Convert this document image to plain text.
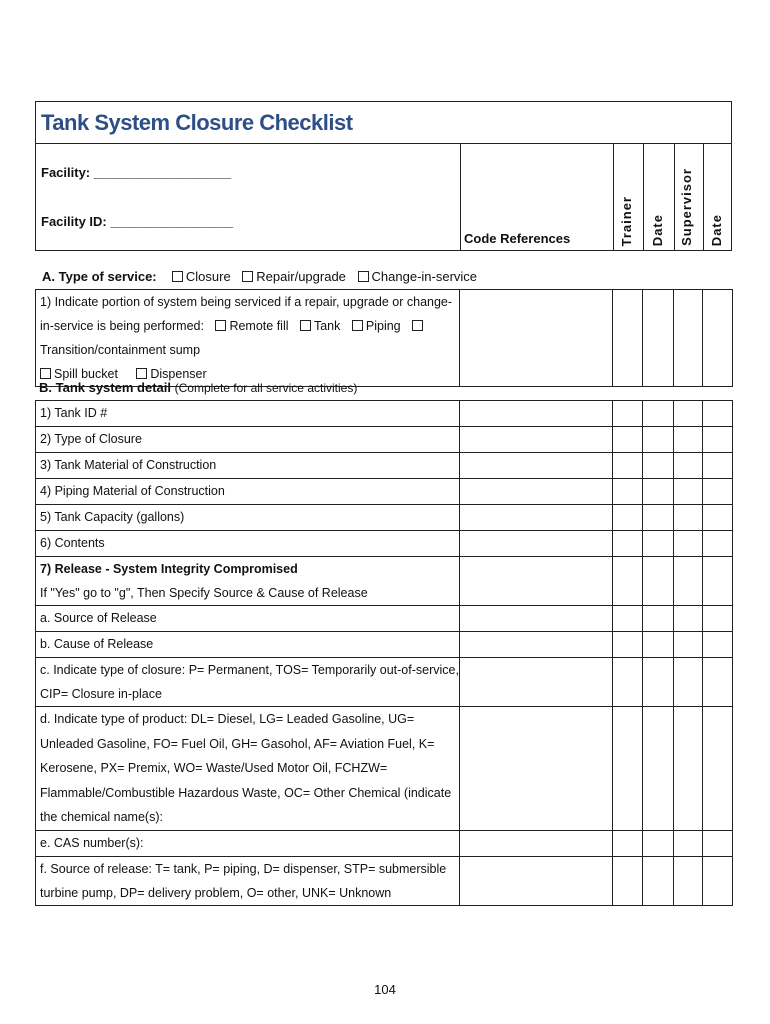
Tank System Closure Checklist
Facility: ___________________
Facility ID: _________________
Code References	Trainer Date Supervisor Date
A. Type of service: Closure Repair/upgrade Change-in-service
1) Indicate portion of system being serviced if a repair, upgrade or change-in-service is being performed: Remote fill Tank Piping Transition/containment sump
Spill bucket	Dispenser					
B. Tank system detail (Complete for all service activities)
1) Tank ID #					
2) Type of Closure					
3) Tank Material of Construction					
4) Piping Material of Construction					
5) Tank Capacity (gallons)					
6) Contents					
7) Release - System Integrity Compromised
If "Yes" go to "g", Then Specify Source & Cause of Release					
a. Source of Release					
b. Cause of Release					
c. Indicate type of closure: P= Permanent, TOS= Temporarily out-of-service, CIP= Closure in-place					
d. Indicate type of product: DL= Diesel, LG= Leaded Gasoline, UG= Unleaded Gasoline, FO= Fuel Oil, GH= Gasohol, AF= Aviation Fuel, K= Kerosene, PX= Premix, WO= Waste/Used Motor Oil, FCHZW= Flammable/Combustible Hazardous Waste, OC= Other Chemical (indicate the chemical name(s):					
e. CAS number(s):					
f. Source of release: T= tank, P= piping, D= dispenser, STP= submersible turbine pump, DP= delivery problem, O= other, UNK= Unknown					
104
